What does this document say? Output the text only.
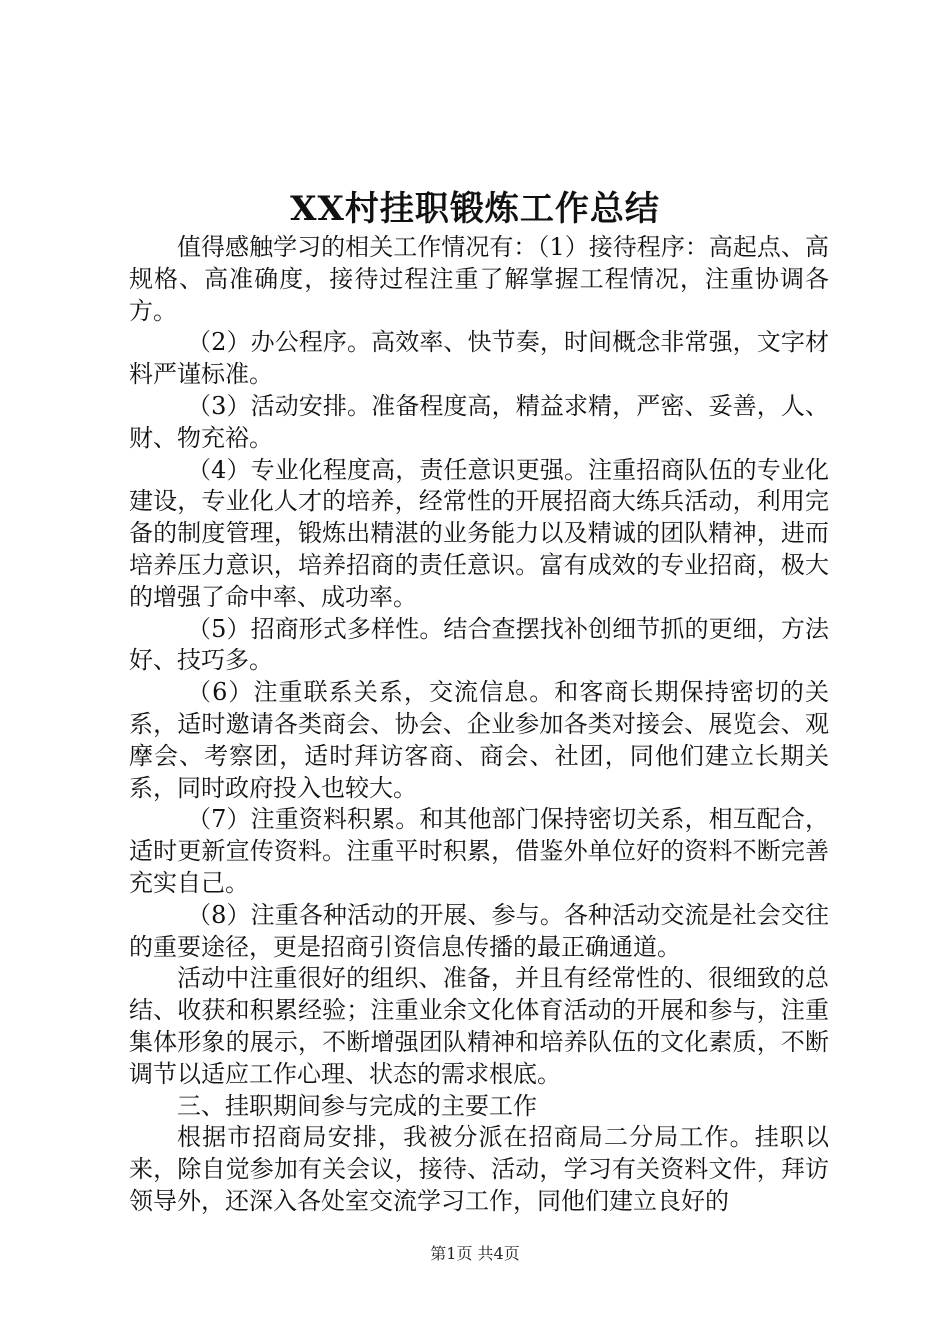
XX村挂职锻炼工作总结

值得感触学习的相关工作情况有：（1）接待程序：高起点、高规格、高准确度，接待过程注重了解掌握工程情况，注重协调各方。

（2）办公程序。高效率、快节奏，时间概念非常强，文字材料严谨标准。

（3）活动安排。准备程度高，精益求精，严密、妥善，人、财、物充裕。

（4）专业化程度高，责任意识更强。注重招商队伍的专业化建设，专业化人才的培养，经常性的开展招商大练兵活动，利用完备的制度管理，锻炼出精湛的业务能力以及精诚的团队精神，进而培养压力意识，培养招商的责任意识。富有成效的专业招商，极大的增强了命中率、成功率。

（5）招商形式多样性。结合查摆找补创细节抓的更细，方法好、技巧多。

（6）注重联系关系，交流信息。和客商长期保持密切的关系，适时邀请各类商会、协会、企业参加各类对接会、展览会、观摩会、考察团，适时拜访客商、商会、社团，同他们建立长期关系，同时政府投入也较大。

（7）注重资料积累。和其他部门保持密切关系，相互配合，适时更新宣传资料。注重平时积累，借鉴外单位好的资料不断完善充实自己。

（8）注重各种活动的开展、参与。各种活动交流是社会交往的重要途径，更是招商引资信息传播的最正确通道。

活动中注重很好的组织、准备，并且有经常性的、很细致的总结、收获和积累经验；注重业余文化体育活动的开展和参与，注重集体形象的展示，不断增强团队精神和培养队伍的文化素质，不断调节以适应工作心理、状态的需求根底。

三、挂职期间参与完成的主要工作

根据市招商局安排，我被分派在招商局二分局工作。挂职以来，除自觉参加有关会议，接待、活动，学习有关资料文件，拜访领导外，还深入各处室交流学习工作，同他们建立良好的

第1页 共4页
